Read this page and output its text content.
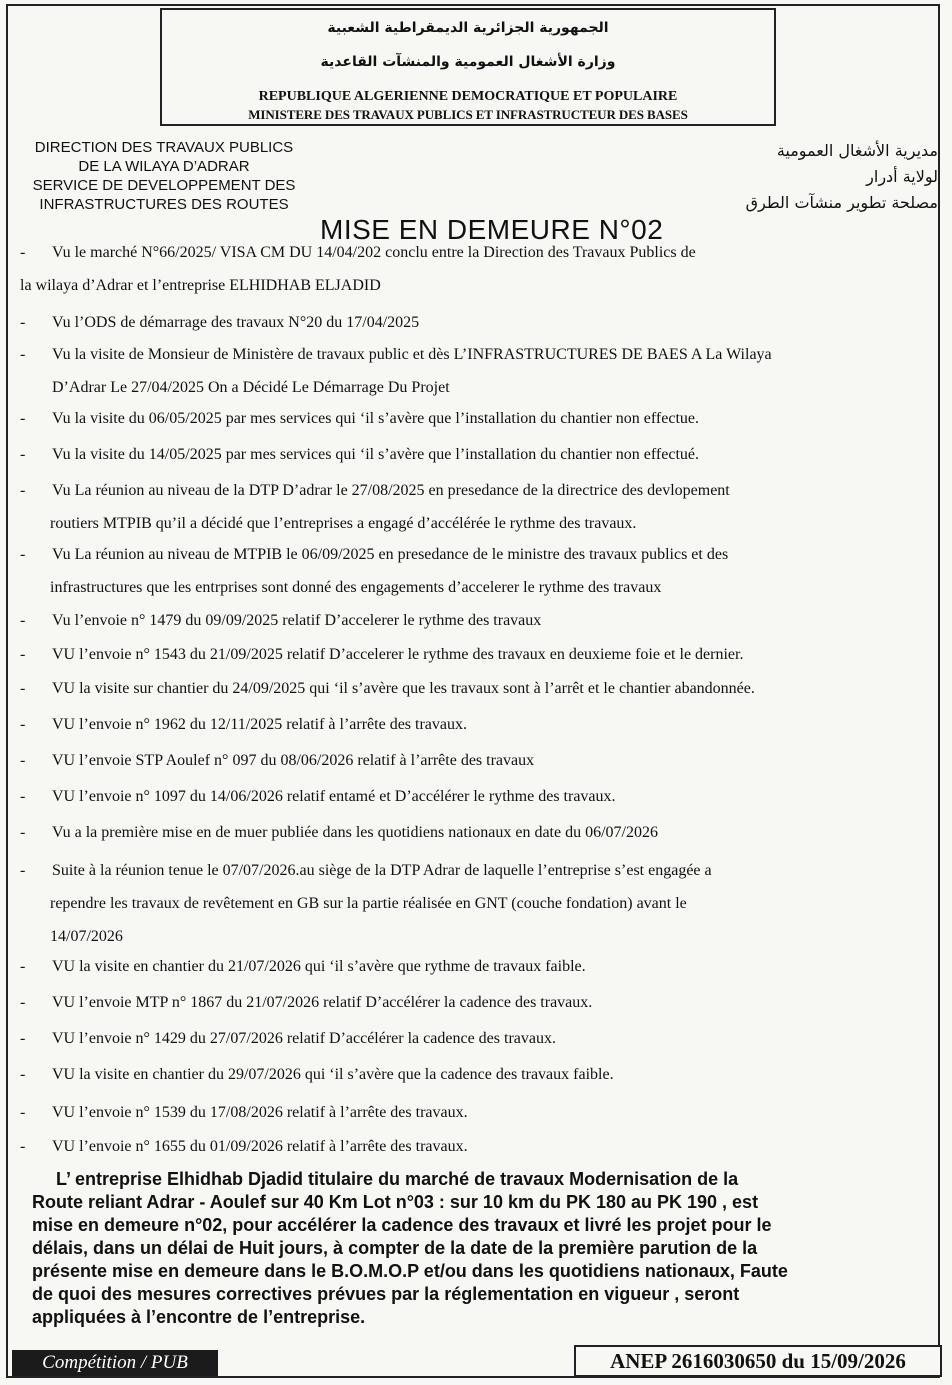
الجمهورية الجزائرية الديمقراطية الشعبية
وزارة الأشغال العمومية والمنشآت القاعدية
REPUBLIQUE ALGERIENNE DEMOCRATIQUE ET POPULAIRE
MINISTERE DES TRAVAUX PUBLICS ET INFRASTRUCTEUR DES BASES
DIRECTION DES TRAVAUX PUBLICS
DE LA WILAYA D’ADRAR
SERVICE DE DEVELOPPEMENT DES
INFRASTRUCTURES DES ROUTES
مديرية الأشغال العمومية
لولاية أدرار
مصلحة تطوير منشآت الطرق
MISE EN DEMEURE N°02
Vu le marché N°66/2025/ VISA CM DU 14/04/202 conclu entre la Direction des Travaux Publics de
-
la wilaya d’Adrar et l’entreprise ELHIDHAB ELJADID
Vu l’ODS de démarrage des travaux N°20 du 17/04/2025
-
Vu la visite de Monsieur de Ministère de travaux public et dès L’INFRASTRUCTURES DE BAES A La Wilaya
-
D’Adrar Le 27/04/2025 On a Décidé Le Démarrage Du Projet
Vu la visite du 06/05/2025 par mes services qui ‘il s’avère que l’installation du chantier non effectue.
-
Vu la visite du 14/05/2025 par mes services qui ‘il s’avère que l’installation du chantier non effectué.
-
Vu La réunion au niveau de la DTP D’adrar le 27/08/2025 en presedance de la directrice des devlopement
-
routiers MTPIB qu’il a décidé que l’entreprises a engagé d’accélérée le rythme des travaux.
Vu La réunion au niveau de MTPIB le 06/09/2025 en presedance de le ministre des travaux publics et des
-
infrastructures que les entrprises sont donné des engagements d’accelerer le rythme des travaux
Vu l’envoie n° 1479 du 09/09/2025 relatif D’accelerer le rythme des travaux
-
VU l’envoie n° 1543 du 21/09/2025 relatif D’accelerer le rythme des travaux en deuxieme foie et le dernier.
-
VU la visite sur chantier du 24/09/2025 qui ‘il s’avère que les travaux sont à l’arrêt et le chantier abandonnée.
-
VU l’envoie n° 1962 du 12/11/2025 relatif à l’arrête des travaux.
-
VU l’envoie STP Aoulef n° 097 du 08/06/2026 relatif à l’arrête des travaux
-
VU l’envoie n° 1097 du 14/06/2026 relatif entamé et D’accélérer le rythme des travaux.
-
Vu a la première mise en de muer publiée dans les quotidiens nationaux en date du 06/07/2026
-
Suite à la réunion tenue le 07/07/2026.au siège de la DTP Adrar de laquelle l’entreprise s’est engagée a
-
rependre les travaux de revêtement en GB sur la partie réalisée en GNT (couche fondation) avant le
14/07/2026
VU la visite en chantier du 21/07/2026 qui ‘il s’avère que rythme de travaux faible.
-
VU l’envoie MTP n° 1867 du 21/07/2026 relatif D’accélérer la cadence des travaux.
-
VU l’envoie n° 1429 du 27/07/2026 relatif D’accélérer la cadence des travaux.
-
VU la visite en chantier du 29/07/2026 qui ‘il s’avère que la cadence des travaux faible.
-
VU l’envoie n° 1539 du 17/08/2026 relatif à l’arrête des travaux.
-
VU l’envoie n° 1655 du 01/09/2026 relatif à l’arrête des travaux.
-
L’ entreprise Elhidhab Djadid titulaire du marché de travaux Modernisation de la
Route reliant Adrar - Aoulef sur 40 Km Lot n°03 : sur 10 km du PK 180 au PK 190 , est
mise en demeure n°02, pour accélérer la cadence des travaux et livré les projet pour le
délais, dans un délai de Huit jours, à compter de la date de la première parution de la
présente mise en demeure dans le B.O.M.O.P et/ou dans les quotidiens nationaux, Faute
de quoi des mesures correctives prévues par la réglementation en vigueur , seront
appliquées à l’encontre de l’entreprise.
Compétition / PUB	ANEP 2616030650 du 15/09/2026
